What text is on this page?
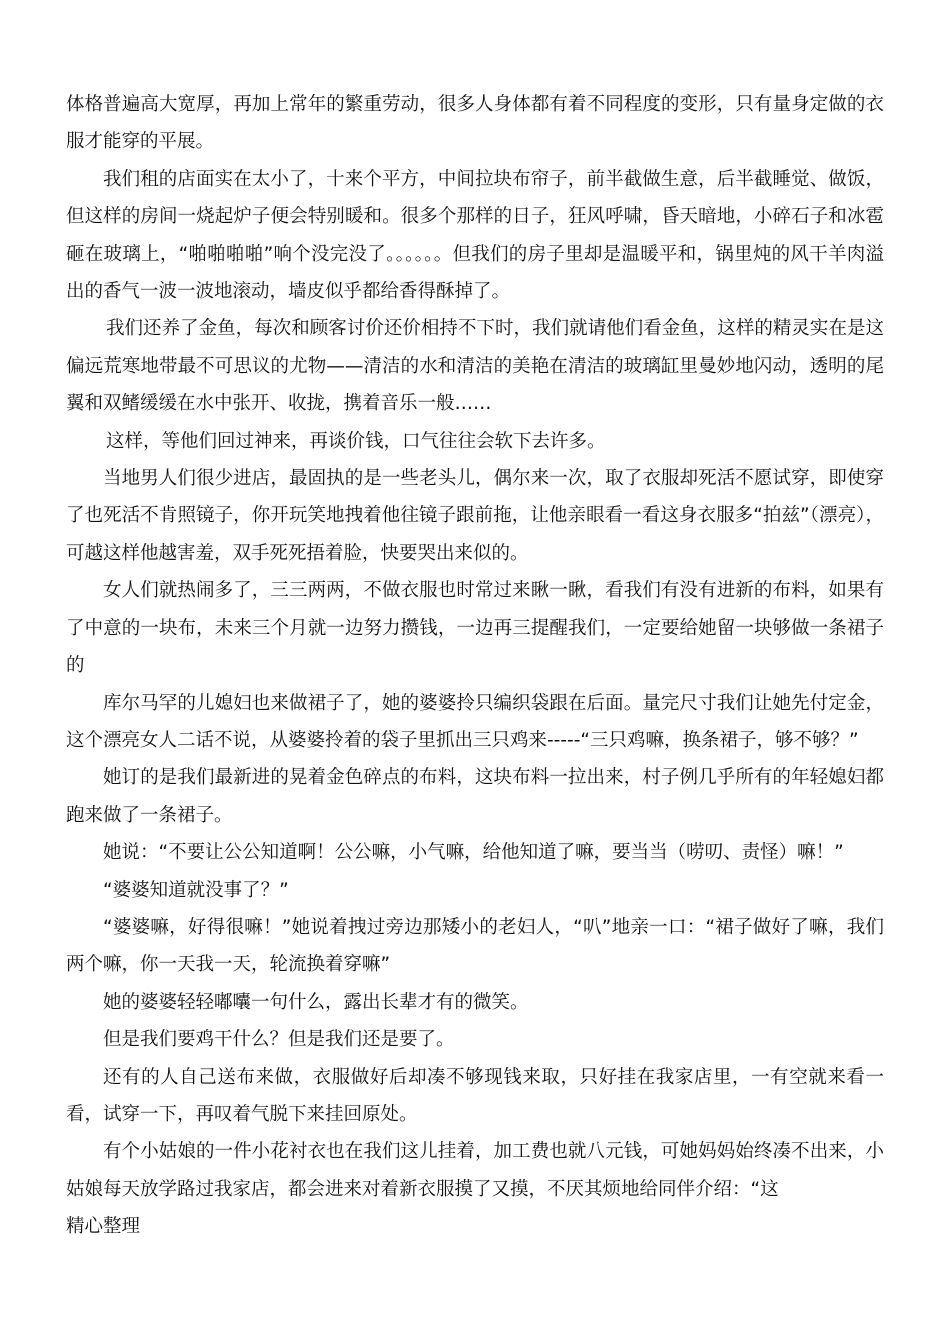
体格普遍高大宽厚，再加上常年的繁重劳动，很多人身体都有着不同程度的变形，只有量身定做的衣服才能穿的平展。

我们租的店面实在太小了，十来个平方，中间拉块布帘子，前半截做生意，后半截睡觉、做饭，但这样的房间一烧起炉子便会特别暖和。很多个那样的日子，狂风呼啸，昏天暗地，小碎石子和冰雹砸在玻璃上，“啪啪啪啪”响个没完没了。。。。。。但我们的房子里却是温暖平和，锅里炖的风干羊肉溢出的香气一波一波地滚动，墙皮似乎都给香得酥掉了。

我们还养了金鱼，每次和顾客讨价还价相持不下时，我们就请他们看金鱼，这样的精灵实在是这偏远荒寒地带最不可思议的尤物——清洁的水和清洁的美艳在清洁的玻璃缸里曼妙地闪动，透明的尾翼和双鳍缓缓在水中张开、收拢，携着音乐一般……

这样，等他们回过神来，再谈价钱，口气往往会软下去许多。

当地男人们很少进店，最固执的是一些老头儿，偶尔来一次，取了衣服却死活不愿试穿，即使穿了也死活不肯照镜子，你开玩笑地拽着他往镜子跟前拖，让他亲眼看一看这身衣服多“拍兹”（漂亮），可越这样他越害羞，双手死死捂着脸，快要哭出来似的。

女人们就热闹多了，三三两两，不做衣服也时常过来瞅一瞅，看我们有没有进新的布料，如果有了中意的一块布，未来三个月就一边努力攒钱，一边再三提醒我们，一定要给她留一块够做一条裙子的

库尔马罕的儿媳妇也来做裙子了，她的婆婆拎只编织袋跟在后面。量完尺寸我们让她先付定金，这个漂亮女人二话不说，从婆婆拎着的袋子里抓出三只鸡来-----“三只鸡嘛，换条裙子，够不够？”

她订的是我们最新进的晃着金色碎点的布料，这块布料一拉出来，村子例几乎所有的年轻媳妇都跑来做了一条裙子。

她说：“不要让公公知道啊！公公嘛，小气嘛，给他知道了嘛，要当当（唠叨、责怪）嘛！”

“婆婆知道就没事了？”

“婆婆嘛，好得很嘛！”她说着拽过旁边那矮小的老妇人，“叭”地亲一口：“裙子做好了嘛，我们两个嘛，你一天我一天，轮流换着穿嘛”

她的婆婆轻轻嘟囔一句什么，露出长辈才有的微笑。

但是我们要鸡干什么？但是我们还是要了。

还有的人自己送布来做，衣服做好后却凑不够现钱来取，只好挂在我家店里，一有空就来看一看，试穿一下，再叹着气脱下来挂回原处。

有个小姑娘的一件小花衬衣也在我们这儿挂着，加工费也就八元钱，可她妈妈始终凑不出来，小姑娘每天放学路过我家店，都会进来对着新衣服摸了又摸，不厌其烦地给同伴介绍：“这

精心整理
